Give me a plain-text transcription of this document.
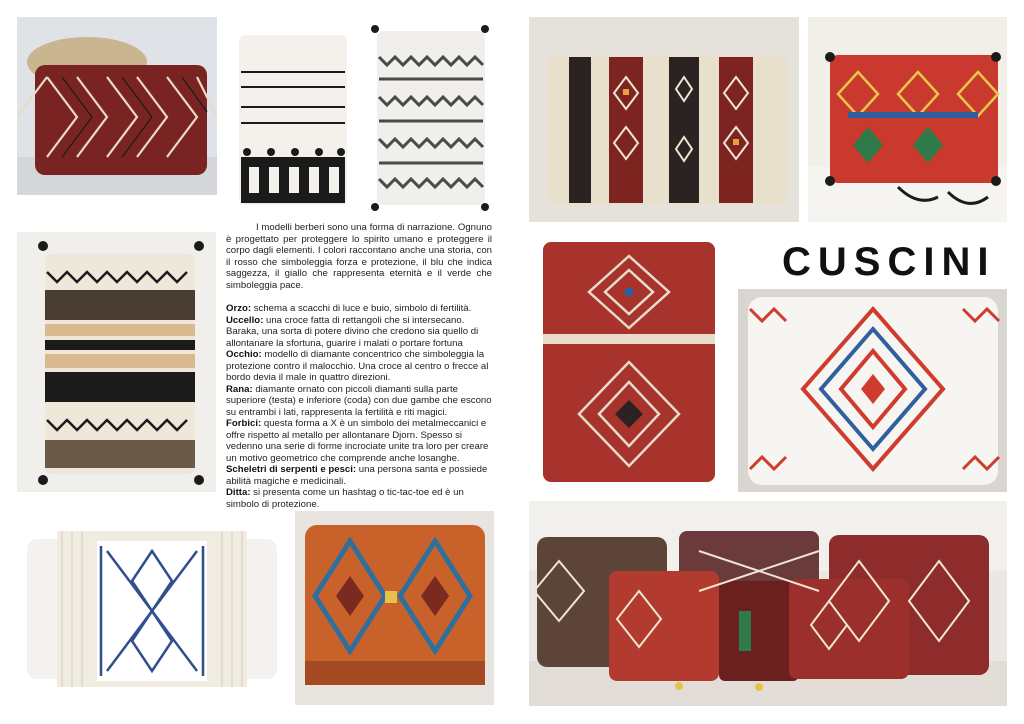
I modelli berberi sono una forma di narrazione. Ognuno è progettato per proteggere lo spirito umano e proteggere il corpo dagli elementi. I colori raccontano anche una storia, con il rosso che simboleggia forza e protezione, il blu che indica saggezza, il giallo che rappresenta eternità e il verde che simboleggia pace.

Orzo: schema a scacchi di luce e buio, simbolo di fertilità.

Uccello: una croce fatta di rettangoli che si intersecano.

Baraka, una sorta di potere divino che credono sia quello di allontanare la sfortuna, guarire i malati o portare fortuna

Occhio: modello di diamante concentrico che simboleggia la protezione contro il malocchio. Una croce al centro o frecce al bordo devia il male in quattro direzioni.

Rana: diamante ornato con piccoli diamanti sulla parte superiore (testa) e inferiore (coda) con due gambe che escono su entrambi i lati, rappresenta la fertilità e riti magici.

Forbici: questa forma a X è un simbolo dei metalmeccanici e offre rispetto al metallo per allontanare Djorn. Spesso si vedenno una serie di forme incrociate unite tra loro per creare un motivo geometrico che comprende anche losanghe.

Scheletri di serpenti e pesci: una persona santa e possiede abilità magiche e medicinali.

Ditta: si presenta come un hashtag o tic-tac-toe ed è un simbolo di protezione.

CUSCINI
